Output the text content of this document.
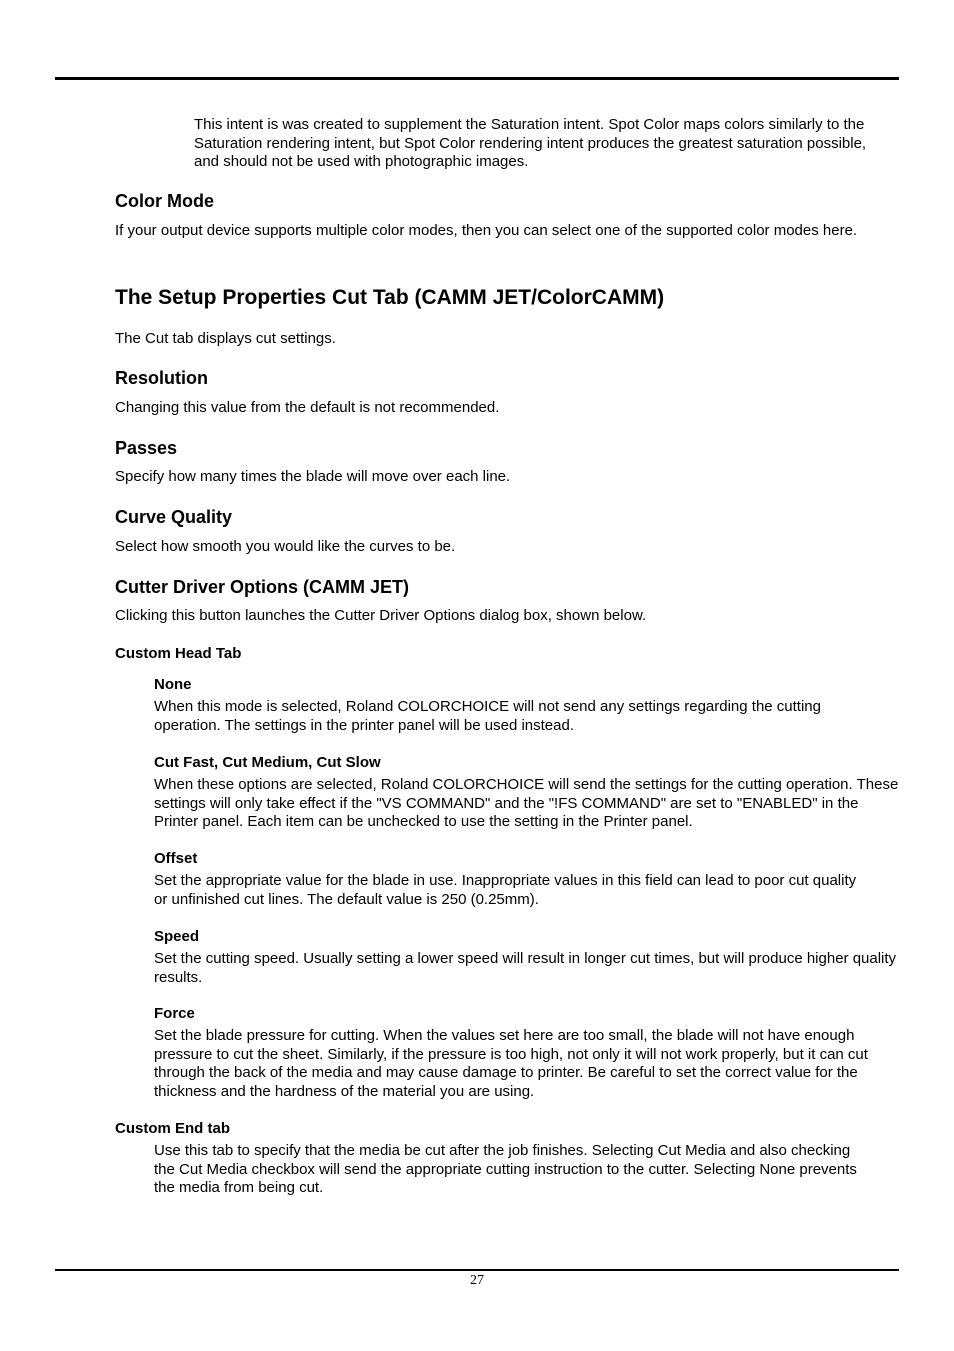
This intent is was created to supplement the Saturation intent. Spot Color maps colors similarly to the Saturation rendering intent, but Spot Color rendering intent produces the greatest saturation possible, and should not be used with photographic images.

Color Mode

If your output device supports multiple color modes, then you can select one of the supported color modes here.

The Setup Properties Cut Tab (CAMM JET/ColorCAMM)

The Cut tab displays cut settings.

Resolution

Changing this value from the default is not recommended.

Passes

Specify how many times the blade will move over each line.

Curve Quality

Select how smooth you would like the curves to be.

Cutter Driver Options (CAMM JET)

Clicking this button launches the Cutter Driver Options dialog box, shown below.

Custom Head Tab
None

When this mode is selected, Roland COLORCHOICE will not send any settings regarding the cutting operation. The settings in the printer panel will be used instead.

Cut Fast, Cut Medium, Cut Slow

When these options are selected, Roland COLORCHOICE will send the settings for the cutting operation. These settings will only take effect if the "VS COMMAND" and the "!FS COMMAND" are set to "ENABLED" in the Printer panel. Each item can be unchecked to use the setting in the Printer panel.

Offset

Set the appropriate value for the blade in use. Inappropriate values in this field can lead to poor cut quality or unfinished cut lines. The default value is 250 (0.25mm).

Speed

Set the cutting speed. Usually setting a lower speed will result in longer cut times, but will produce higher quality results.

Force

Set the blade pressure for cutting. When the values set here are too small, the blade will not have enough pressure to cut the sheet. Similarly, if the pressure is too high, not only it will not work properly, but it can cut through the back of the media and may cause damage to printer. Be careful to set the correct value for the thickness and the hardness of the material you are using.

Custom End tab

Use this tab to specify that the media be cut after the job finishes. Selecting Cut Media and also checking the Cut Media checkbox will send the appropriate cutting instruction to the cutter. Selecting None prevents the media from being cut.

27
